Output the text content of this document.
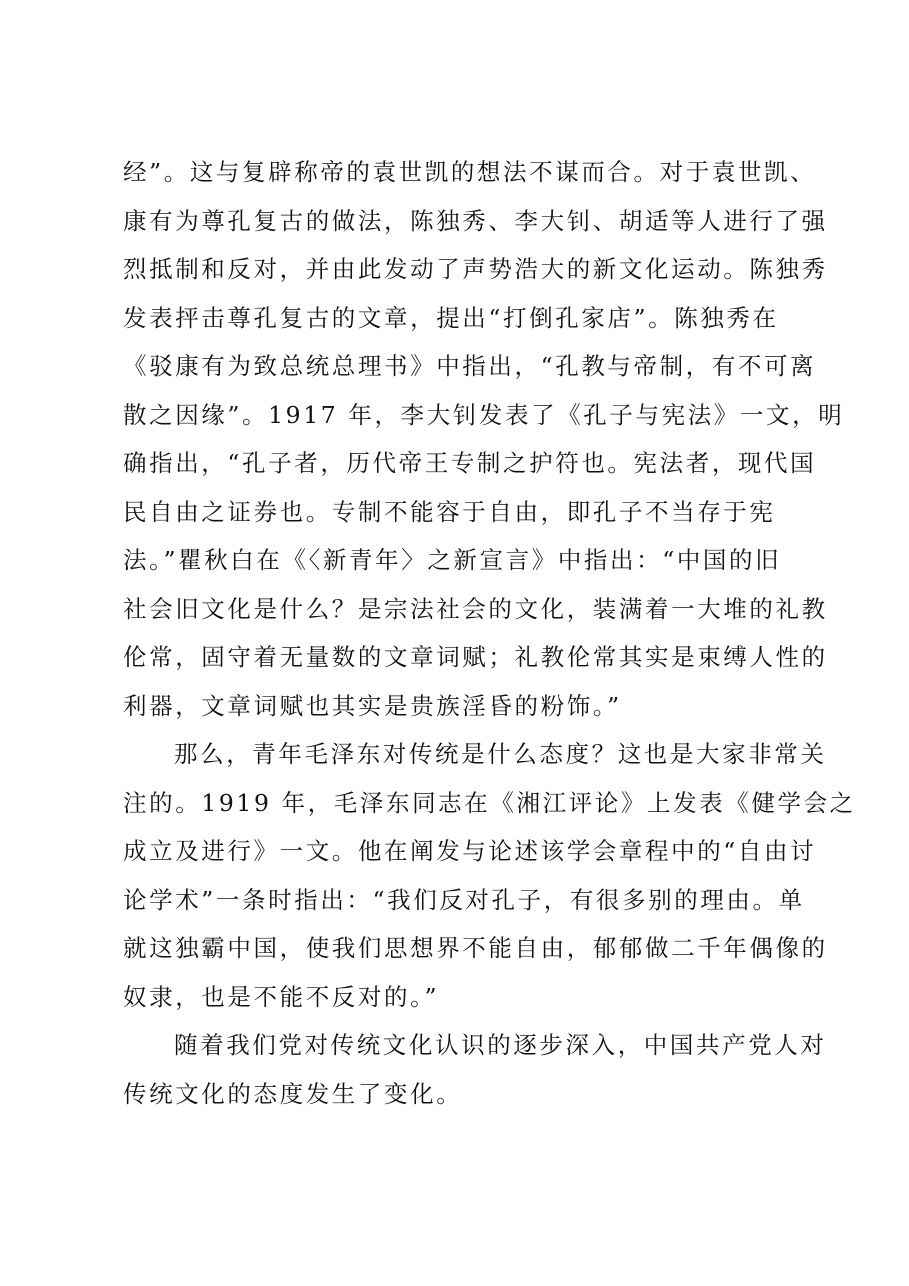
经”。这与复辟称帝的袁世凯的想法不谋而合。对于袁世凯、
康有为尊孔复古的做法，陈独秀、李大钊、胡适等人进行了强
烈抵制和反对，并由此发动了声势浩大的新文化运动。陈独秀
发表抨击尊孔复古的文章，提出“打倒孔家店”。陈独秀在
《驳康有为致总统总理书》中指出，“孔教与帝制，有不可离
散之因缘”。1917 年，李大钊发表了《孔子与宪法》一文，明
确指出，“孔子者，历代帝王专制之护符也。宪法者，现代国
民自由之证券也。专制不能容于自由，即孔子不当存于宪
法。”瞿秋白在《〈新青年〉之新宣言》中指出：“中国的旧
社会旧文化是什么？是宗法社会的文化，装满着一大堆的礼教
伦常，固守着无量数的文章词赋；礼教伦常其实是束缚人性的
利器，文章词赋也其实是贵族淫昏的粉饰。”
那么，青年毛泽东对传统是什么态度？这也是大家非常关
注的。1919 年，毛泽东同志在《湘江评论》上发表《健学会之
成立及进行》一文。他在阐发与论述该学会章程中的“自由讨
论学术”一条时指出：“我们反对孔子，有很多别的理由。单
就这独霸中国，使我们思想界不能自由，郁郁做二千年偶像的
奴隶，也是不能不反对的。”
随着我们党对传统文化认识的逐步深入，中国共产党人对
传统文化的态度发生了变化。
